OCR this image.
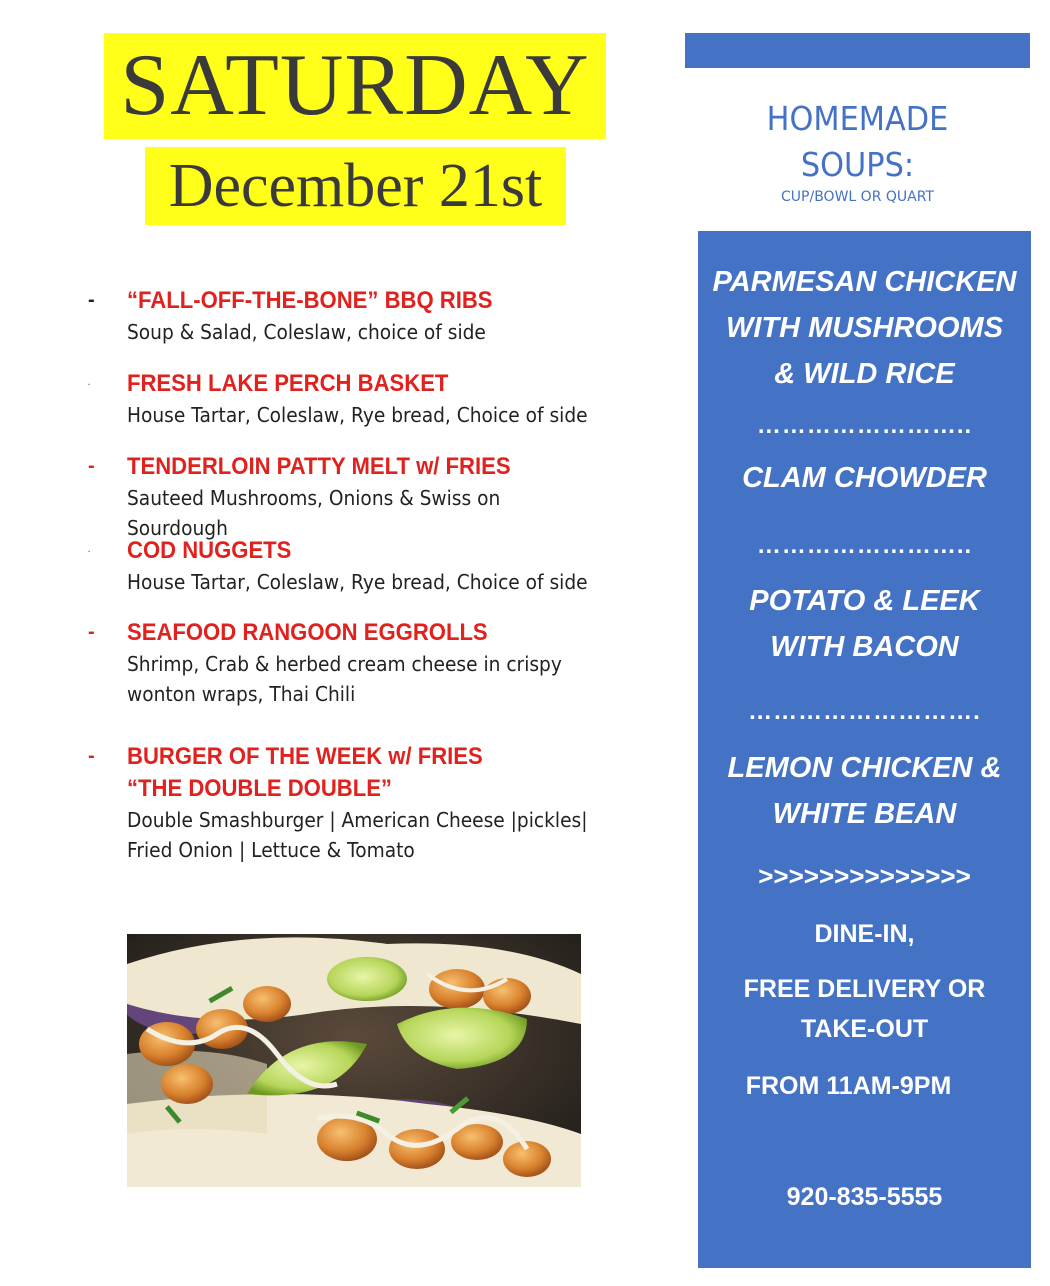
SATURDAY
December 21st
-	“FALL-OFF-THE-BONE” BBQ RIBS
Soup & Salad, Coleslaw, choice of side
.	FRESH LAKE PERCH BASKET
House Tartar, Coleslaw, Rye bread, Choice of side
-	TENDERLOIN PATTY MELT w/ FRIES
Sauteed Mushrooms, Onions & Swiss on Sourdough
.	COD NUGGETS
House Tartar, Coleslaw, Rye bread, Choice of side
-	SEAFOOD RANGOON EGGROLLS
Shrimp, Crab & herbed cream cheese in crispy
wonton wraps, Thai Chili
-	BURGER OF THE WEEK w/ FRIES
“THE DOUBLE DOUBLE”
Double Smashburger | American Cheese |pickles|
Fried Onion | Lettuce & Tomato
HOMEMADE
SOUPS:
CUP/BOWL OR QUART
PARMESAN CHICKEN
WITH MUSHROOMS
& WILD RICE
……………………..
CLAM CHOWDER
……………………..
POTATO & LEEK
WITH BACON
……………………….
LEMON CHICKEN &
WHITE BEAN
>>>>>>>>>>>>>>
DINE-IN,
FREE DELIVERY OR
TAKE-OUT
FROM 11AM-9PM
920-835-5555
